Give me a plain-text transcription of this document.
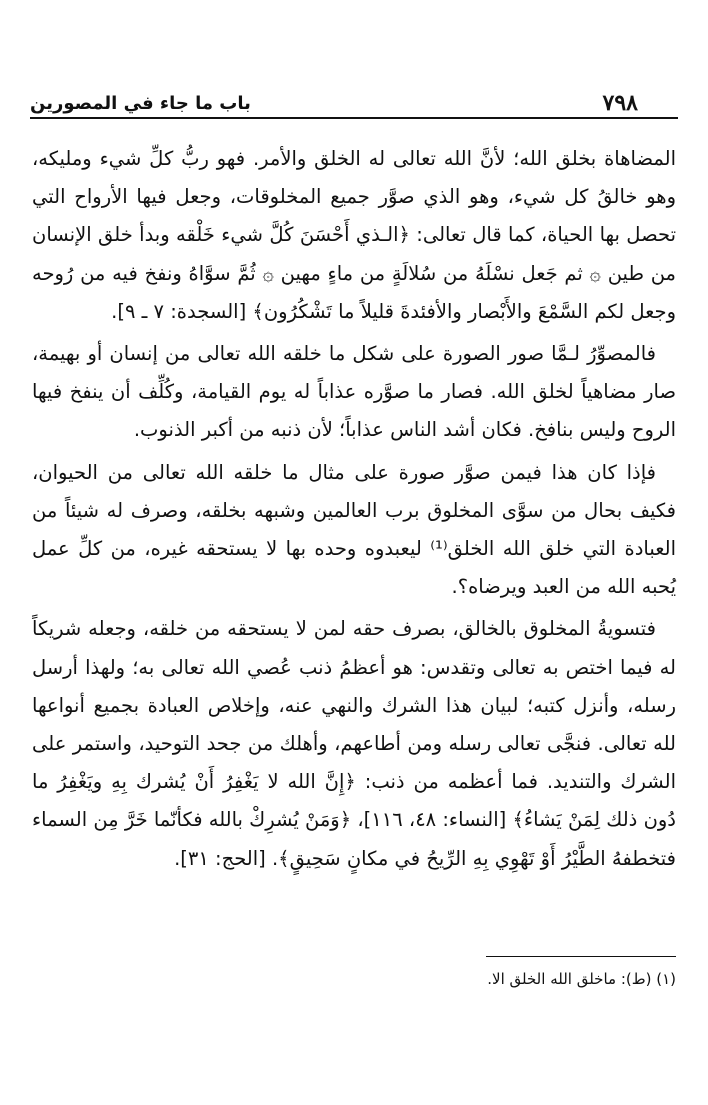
٧٩٨
باب ما جاء في المصورين

المضاهاة بخلق الله؛ لأنَّ الله تعالى له الخلق والأمر. فهو ربُّ كلِّ شيء ومليكه، وهو خالقُ كل شيء، وهو الذي صوَّر جميع المخلوقات، وجعل فيها الأرواح التي تحصل بها الحياة، كما قال تعالى: ﴿الـذي أَحْسَنَ كُلَّ شيء خَلْقه وبدأ خلق الإنسان من طين ۞ ثم جَعل نسْلَهُ من سُلالَةٍ من ماءٍ مهين ۞ ثُمَّ سوَّاهُ ونفخ فيه من رُوحه وجعل لكم السَّمْعَ والأَبْصار والأفئدةَ قليلاً ما تَشْكُرُون﴾ [السجدة: ٧ ـ ٩].

فالمصوِّرُ لـمَّا صور الصورة على شكل ما خلقه الله تعالى من إنسان أو بهيمة، صار مضاهياً لخلق الله. فصار ما صوَّره عذاباً له يوم القيامة، وكُلِّف أن ينفخ فيها الروح وليس بنافخ. فكان أشد الناس عذاباً؛ لأن ذنبه من أكبر الذنوب.

فإذا كان هذا فيمن صوَّر صورة على مثال ما خلقه الله تعالى من الحيوان، فكيف بحال من سوَّى المخلوق برب العالمين وشبهه بخلقه، وصرف له شيئاً من العبادة التي خلق الله الخلق⁽¹⁾ ليعبدوه وحده بها لا يستحقه غيره، من كلِّ عمل يُحبه الله من العبد ويرضاه؟.

فتسويةُ المخلوق بالخالق، بصرف حقه لمن لا يستحقه من خلقه، وجعله شريكاً له فيما اختص به تعالى وتقدس: هو أعظمُ ذنب عُصي الله تعالى به؛ ولهذا أرسل رسله، وأنزل كتبه؛ لبيان هذا الشرك والنهي عنه، وإخلاص العبادة بجميع أنواعها لله تعالى. فنجَّى تعالى رسله ومن أطاعهم، وأهلك من جحد التوحيد، واستمر على الشرك والتنديد. فما أعظمه من ذنب: ﴿إِنَّ الله لا يَغْفِرُ أَنْ يُشرك بِهِ ويَغْفِرُ ما دُون ذلك لِمَنْ يَشاءُ﴾ [النساء: ٤٨، ١١٦]، ﴿وَمَنْ يُشرِكْ بالله فكأنّما خَرَّ مِن السماء فتخطفهُ الطَّيْرُ أَوْ تَهْوِي بِهِ الرِّيحُ في مكانٍ سَحِيقٍ﴾. [الحج: ٣١].

(١) (ط): ماخلق الله الخلق الا.
